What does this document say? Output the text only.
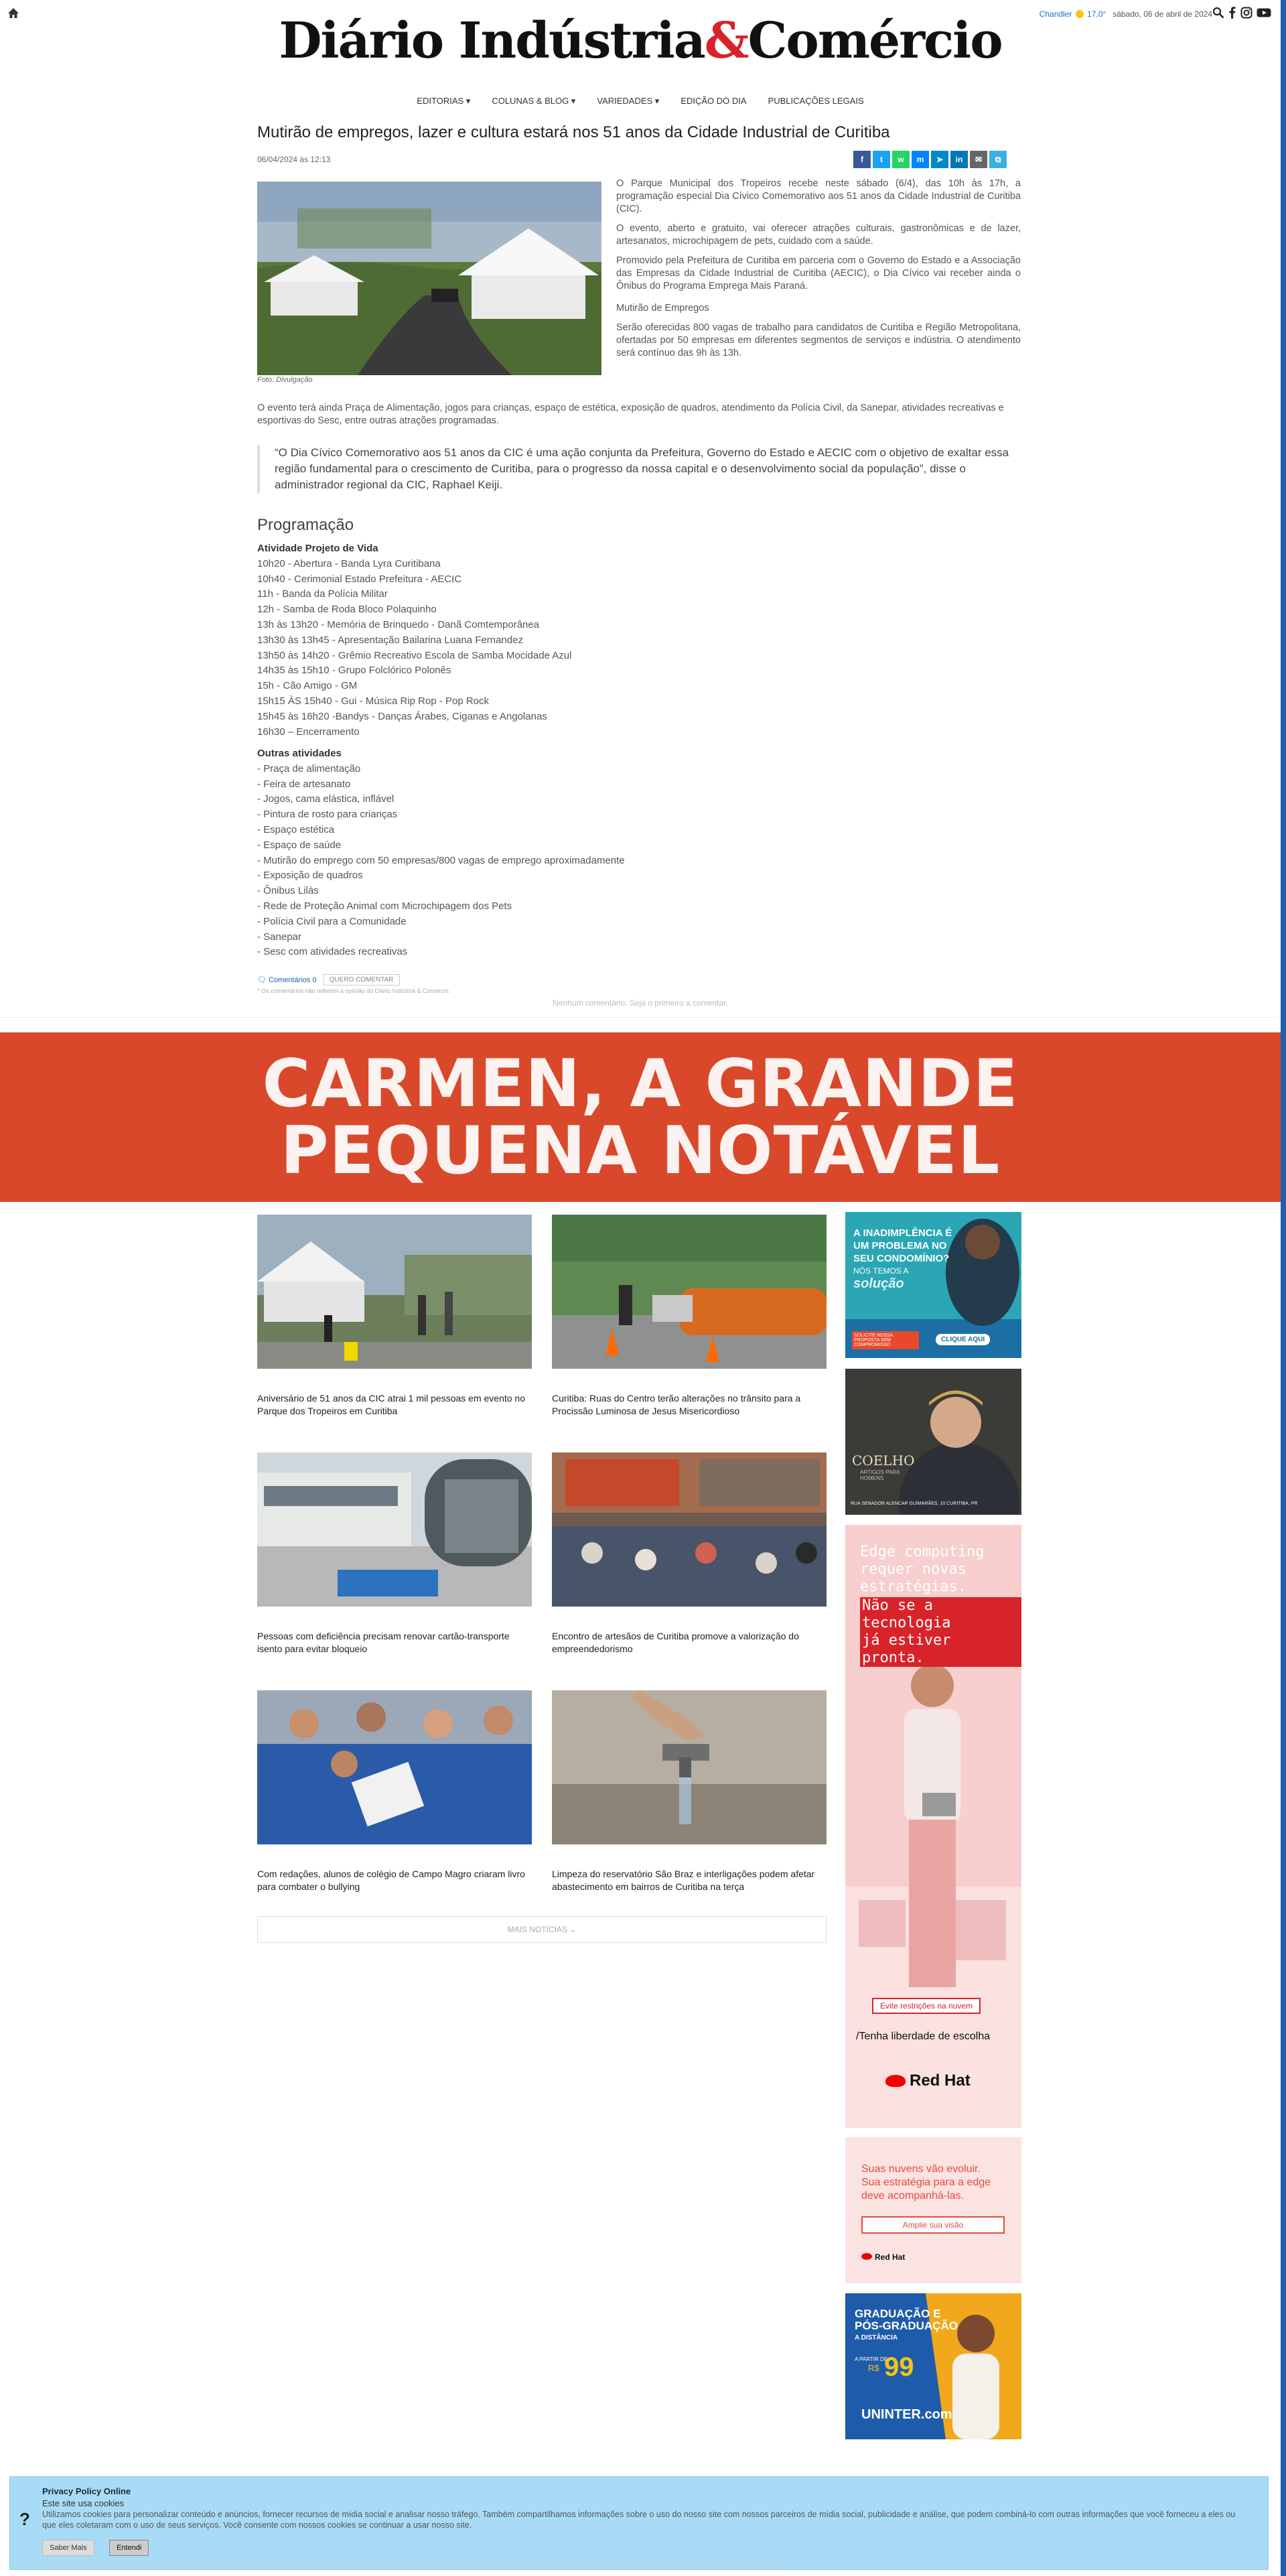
Chandler 17,0° sábado, 06 de abril de 2024
Diário Indústria&Comércio
EDITORIAS ▾ COLUNAS & BLOG ▾ VARIEDADES ▾ EDIÇÃO DO DIA PUBLICAÇÕES LEGAIS
Mutirão de empregos, lazer e cultura estará nos 51 anos da Cidade Industrial de Curitiba
06/04/2024 às 12:13	f	t	w	m	➤	in	✉	⧉
Foto: Divulgação

O Parque Municipal dos Tropeiros recebe neste sábado (6/4), das 10h às 17h, a programação especial Dia Cívico Comemorativo aos 51 anos da Cidade Industrial de Curitiba (CIC).

O evento, aberto e gratuito, vai oferecer atrações culturais, gastronômicas e de lazer, artesanatos, microchipagem de pets, cuidado com a saúde.

Promovido pela Prefeitura de Curitiba em parceria com o Governo do Estado e a Associação das Empresas da Cidade Industrial de Curitiba (AECIC), o Dia Cívico vai receber ainda o Ônibus do Programa Emprega Mais Paraná.

Mutirão de Empregos

Serão oferecidas 800 vagas de trabalho para candidatos de Curitiba e Região Metropolitana, ofertadas por 50 empresas em diferentes segmentos de serviços e indústria. O atendimento será contínuo das 9h às 13h.

O evento terá ainda Praça de Alimentação, jogos para crianças, espaço de estética, exposição de quadros, atendimento da Polícia Civil, da Sanepar, atividades recreativas e esportivas do Sesc, entre outras atrações programadas.
“O Dia Cívico Comemorativo aos 51 anos da CIC é uma ação conjunta da Prefeitura, Governo do Estado e AECIC com o objetivo de exaltar essa região fundamental para o crescimento de Curitiba, para o progresso da nossa capital e o desenvolvimento social da população”, disse o administrador regional da CIC, Raphael Keiji.
Programação
Atividade Projeto de Vida
10h20 - Abertura - Banda Lyra Curitibana
10h40 - Cerimonial Estado Prefeitura - AECIC
11h - Banda da Polícia Militar
12h - Samba de Roda Bloco Polaquinho
13h às 13h20 - Memória de Brinquedo - Danã Comtemporânea
13h30 às 13h45 - Apresentação Bailarina Luana Fernandez
13h50 às 14h20 - Grêmio Recreativo Escola de Samba Mocidade Azul
14h35 às 15h10 - Grupo Folclórico Polonês
15h - Cão Amigo - GM
15h15 ÀS 15h40 - Gui - Música Rip Rop - Pop Rock
15h45 às 16h20 -Bandys - Danças Árabes, Ciganas e Angolanas
16h30 – Encerramento
Outras atividades
- Praça de alimentação
- Feira de artesanato
- Jogos, cama elástica, inflável
- Pintura de rosto para crianças
- Espaço estética
- Espaço de saúde
- Mutirão do emprego com 50 empresas/800 vagas de emprego aproximadamente
- Exposição de quadros
- Ônibus Lilás
- Rede de Proteção Animal com Microchipagem dos Pets
- Polícia Civil para a Comunidade
- Sanepar
- Sesc com atividades recreativas
🗨 Comentários 0	QUERO COMENTAR
* Os comentários não refletem a opinião do Diário Indústria & Comércio.
Nenhum comentário. Seja o primeiro a comentar.
CARMEN, A GRANDE
PEQUENA NOTÁVEL
Aniversário de 51 anos da CIC atrai 1 mil pessoas em evento no Parque dos Tropeiros em Curitiba
Curitiba: Ruas do Centro terão alterações no trânsito para a Procissão Luminosa de Jesus Misericordioso
Pessoas com deficiência precisam renovar cartão-transporte isento para evitar bloqueio
Encontro de artesãos de Curitiba promove a valorização do empreendedorismo
Com redações, alunos de colégio de Campo Magro criaram livro para combater o bullying
Limpeza do reservatório São Braz e interligações podem afetar abastecimento em bairros de Curitiba na terça
MAIS NOTÍCIAS ⌄
A INADIMPLÊNCIA É
UM PROBLEMA NO
SEU CONDOMÍNIO?
NÓS TEMOS A
solução
SOLICITE NOSSA PROPOSTA SEM COMPROMISSO
CLIQUE AQUI
COELHO
ARTIGOS PARA HOMENS
RUA SENADOR ALENCAR GUIMARÃES, 10 CURITIBA, PR
Edge computing
requer novas
estratégias.
Não se a tecnologia
já estiver pronta.
Evite restrições na nuvem
/Tenha liberdade de escolha
Red Hat
Suas nuvens vão evoluir.
Sua estratégia para a edge
deve acompanhá-las.
Amplie sua visão
Red Hat
GRADUAÇÃO E
PÓS-GRADUAÇÃO
A DISTÂNCIA
A PARTIR DE
R$ 99
UNINTER.com
?
Privacy Policy Online
Este site usa cookies
Utilizamos cookies para personalizar conteúdo e anúncios, fornecer recursos de mídia social e analisar nosso tráfego. Também compartilhamos informações sobre o uso do nosso site com nossos parceiros de mídia social, publicidade e análise, que podem combiná-lo com outras informações que você forneceu a eles ou que eles coletaram com o uso de seus serviços. Você consente com nossos cookies se continuar a usar nosso site.
Saber Mais	Entendi
